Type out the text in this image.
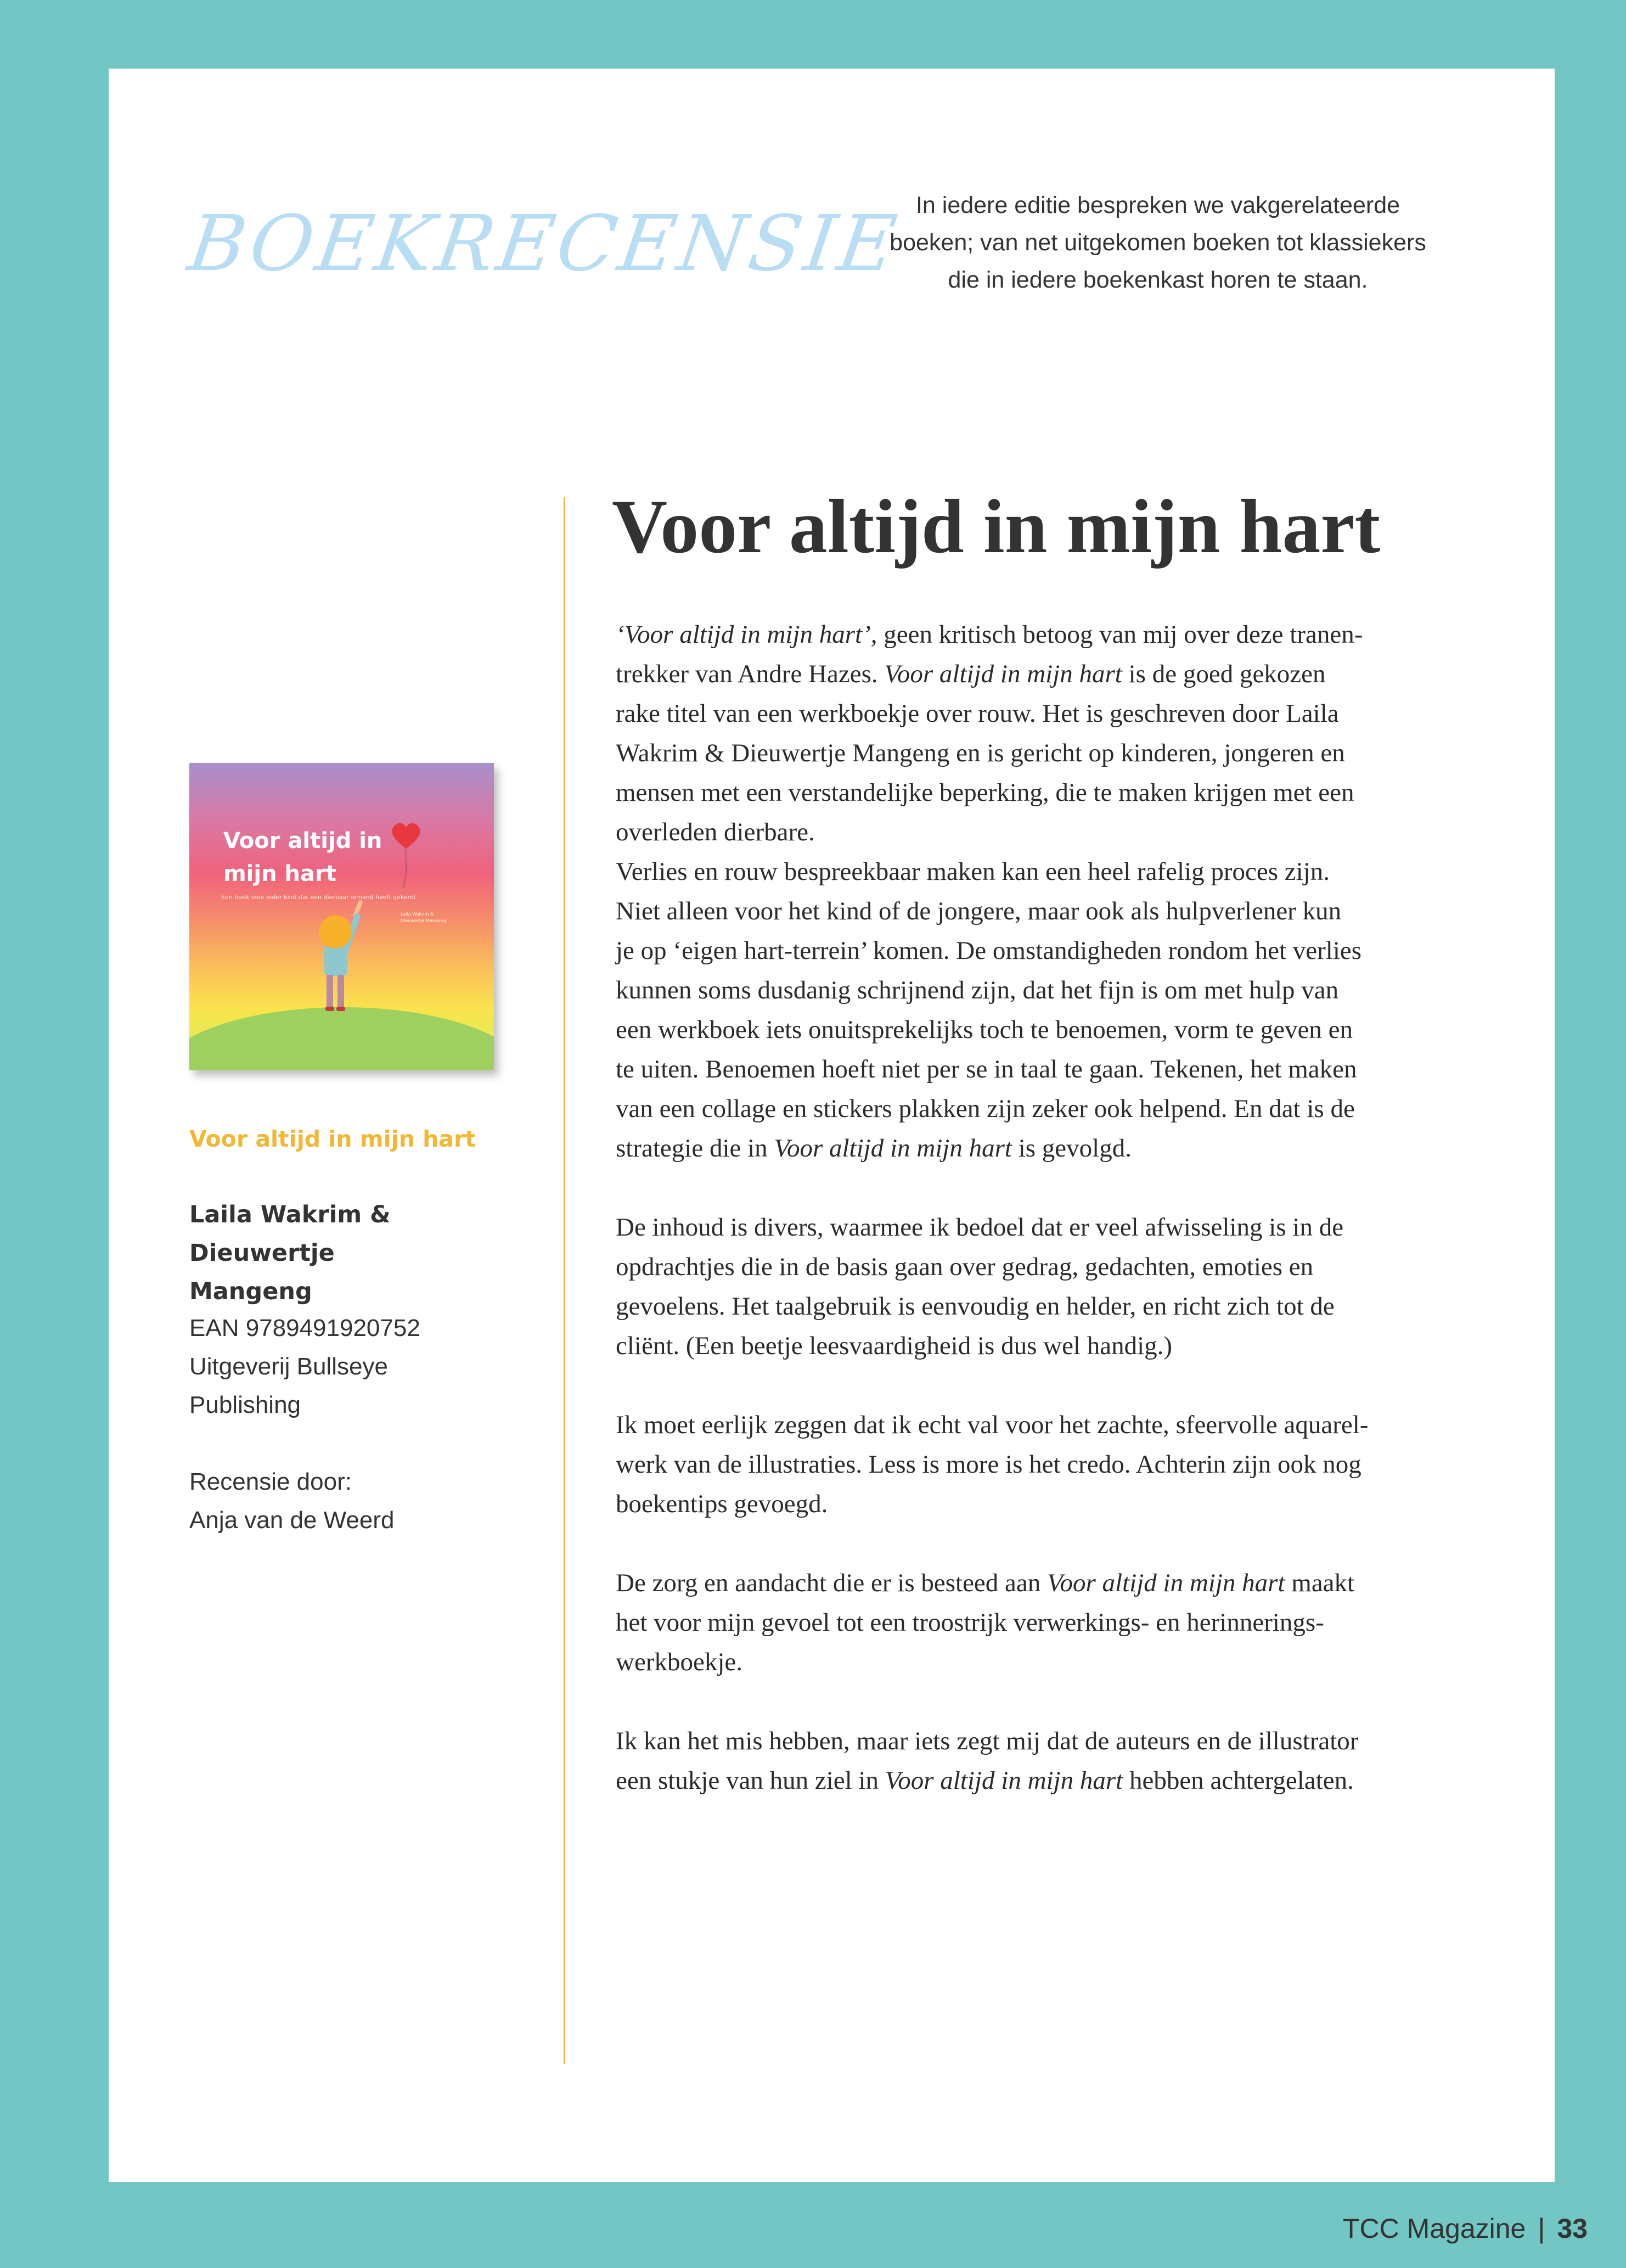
BOEKRECENSIE In iedere editie bespreken we vakgerelateerde
boeken; van net uitgekomen boeken tot klassiekers
die in iedere boekenkast horen te staan.
Voor altijd in mijn hart

‘Voor altijd in mijn hart’, geen kritisch betoog van mij over deze tranen-
trekker van Andre Hazes. Voor altijd in mijn hart is de goed gekozen
rake titel van een werkboekje over rouw. Het is geschreven door Laila
Wakrim & Dieuwertje Mangeng en is gericht op kinderen, jongeren en
mensen met een verstandelijke beperking, die te maken krijgen met een
overleden dierbare.
Verlies en rouw bespreekbaar maken kan een heel rafelig proces zijn.
Niet alleen voor het kind of de jongere, maar ook als hulpverlener kun
je op ‘eigen hart-terrein’ komen. De omstandigheden rondom het verlies
kunnen soms dusdanig schrijnend zijn, dat het fijn is om met hulp van
een werkboek iets onuitsprekelijks toch te benoemen, vorm te geven en
te uiten. Benoemen hoeft niet per se in taal te gaan. Tekenen, het maken
van een collage en stickers plakken zijn zeker ook helpend. En dat is de
strategie die in Voor altijd in mijn hart is gevolgd.

De inhoud is divers, waarmee ik bedoel dat er veel afwisseling is in de
opdrachtjes die in de basis gaan over gedrag, gedachten, emoties en
gevoelens. Het taalgebruik is eenvoudig en helder, en richt zich tot de
cliënt. (Een beetje leesvaardigheid is dus wel handig.)

Ik moet eerlijk zeggen dat ik echt val voor het zachte, sfeervolle aquarel-
werk van de illustraties. Less is more is het credo. Achterin zijn ook nog
boekentips gevoegd.

De zorg en aandacht die er is besteed aan Voor altijd in mijn hart maakt
het voor mijn gevoel tot een troostrijk verwerkings- en herinnerings-
werkboekje.

Ik kan het mis hebben, maar iets zegt mij dat de auteurs en de illustrator
een stukje van hun ziel in Voor altijd in mijn hart hebben achtergelaten.

Voor altijd in mijn hart
Een boek voor ieder kind dat een dierbaar iemand heeft gekend
Laila Wakrim &
Dieuwertje Mangeng
Voor altijd in mijn hart
Laila Wakrim & Dieuwertje
Mangeng
EAN 9789491920752
Uitgeverij Bullseye
Publishing
Recensie door:
Anja van de Weerd
TCC Magazine | 33
